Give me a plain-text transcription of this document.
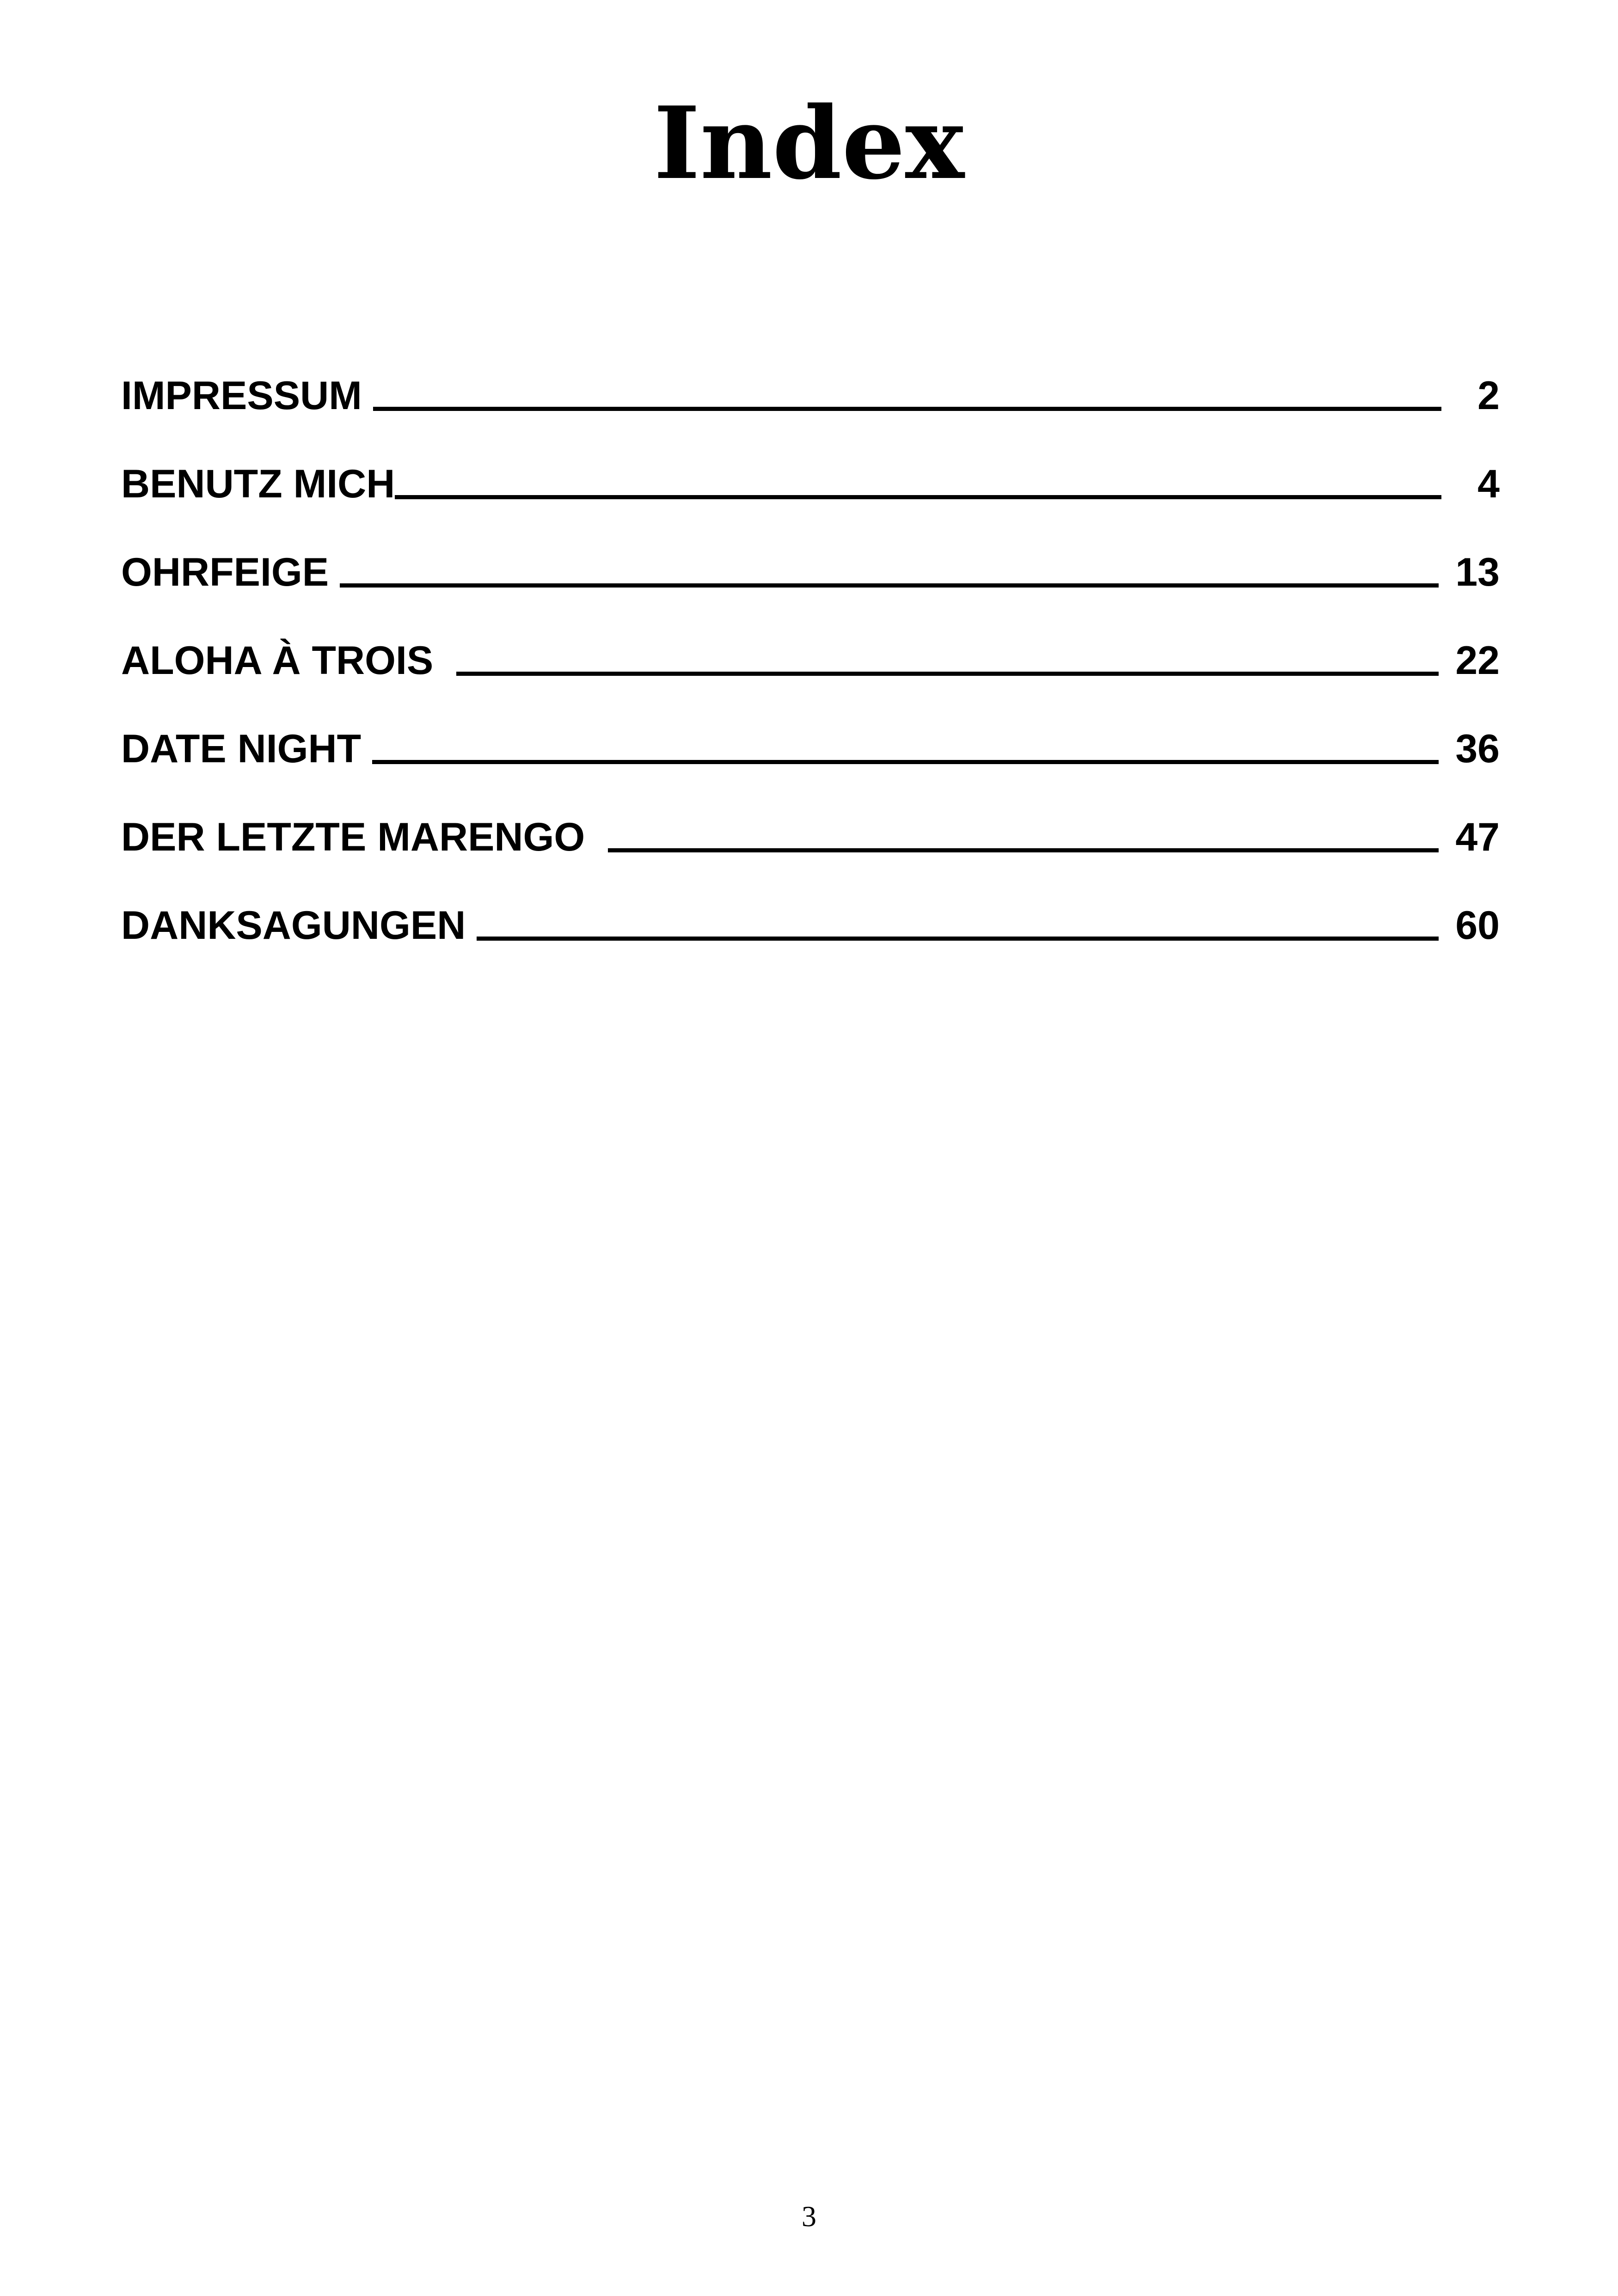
Index
IMPRESSUM	2
BENUTZ MICH	4
OHRFEIGE	13
ALOHA À TROIS	22
DATE NIGHT	36
DER LETZTE MARENGO	47
DANKSAGUNGEN	60
3
